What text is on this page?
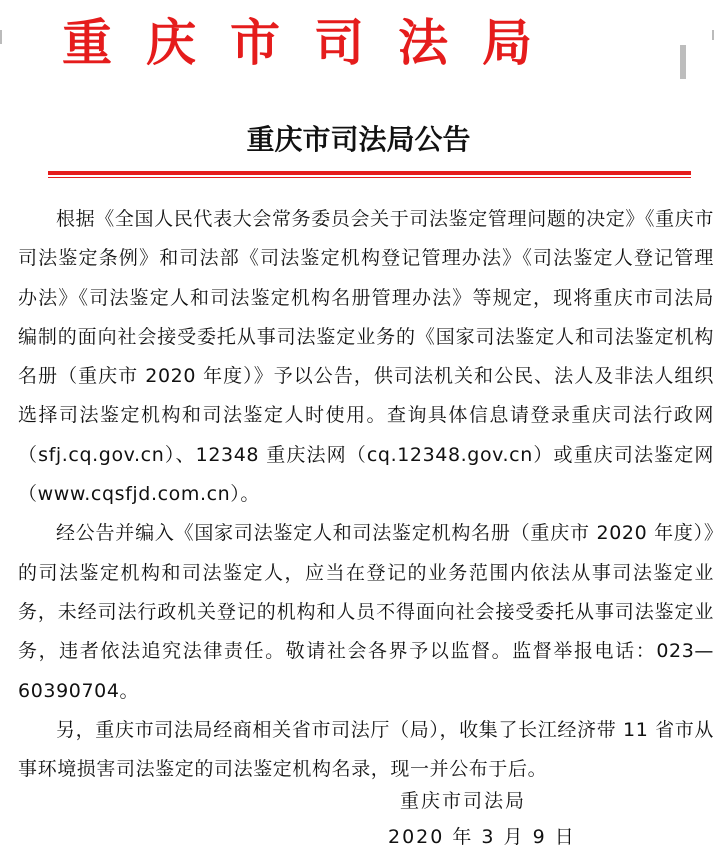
重庆市司法局
重庆市司法局公告

根据《全国人民代表大会常务委员会关于司法鉴定管理问题的决定》《重庆市司法鉴定条例》和司法部《司法鉴定机构登记管理办法》《司法鉴定人登记管理办法》《司法鉴定人和司法鉴定机构名册管理办法》等规定，现将重庆市司法局编制的面向社会接受委托从事司法鉴定业务的《国家司法鉴定人和司法鉴定机构名册（重庆市 2020 年度）》予以公告，供司法机关和公民、法人及非法人组织选择司法鉴定机构和司法鉴定人时使用。查询具体信息请登录重庆司法行政网（sfj.cq.gov.cn）、12348 重庆法网（cq.12348.gov.cn）或重庆司法鉴定网（www.cqsfjd.com.cn）。

经公告并编入《国家司法鉴定人和司法鉴定机构名册（重庆市 2020 年度）》的司法鉴定机构和司法鉴定人，应当在登记的业务范围内依法从事司法鉴定业务，未经司法行政机关登记的机构和人员不得面向社会接受委托从事司法鉴定业务，违者依法追究法律责任。敬请社会各界予以监督。监督举报电话：023—60390704。

另，重庆市司法局经商相关省市司法厅（局），收集了长江经济带 11 省市从事环境损害司法鉴定的司法鉴定机构名录，现一并公布于后。

重庆市司法局
2020 年 3 月 9 日
